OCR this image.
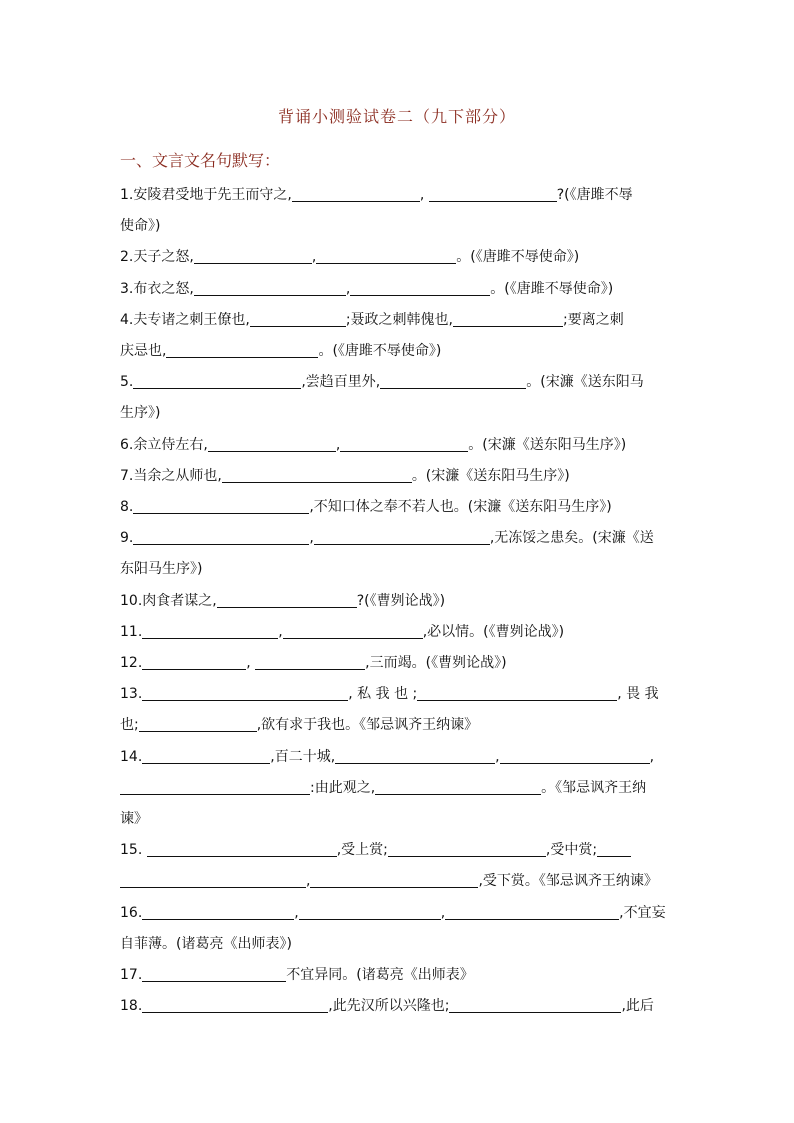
背诵小测验试卷二（九下部分）
一、文言文名句默写：

1.安陵君受地于先王而守之,	,	?(《唐雎不辱

使命》)

2.天子之怒,	,	。(《唐雎不辱使命》)

3.布衣之怒,	,	。(《唐雎不辱使命》)

4.夫专诸之刺王僚也,	;聂政之刺韩傀也,	;要离之刺

庆忌也,	。(《唐雎不辱使命》)

5.	,尝趋百里外,	。(宋濂《送东阳马

生序》)

6.余立侍左右,	,	。(宋濂《送东阳马生序》)

7.当余之从师也,	。(宋濂《送东阳马生序》)

8.	,不知口体之奉不若人也。(宋濂《送东阳马生序》)

9.	,	,无冻馁之患矣。(宋濂《送

东阳马生序》)

10.肉食者谋之,	?(《曹刿论战》)

11.	,	,必以情。(《曹刿论战》)

12.	,	,三而竭。(《曹刿论战》)

13.	, 私 我 也 ;	, 畏 我

也;	,欲有求于我也。《邹忌讽齐王纳谏》

14.	,百二十城,	,	,

:由此观之,	。《邹忌讽齐王纳

谏》

15.	,受上赏;	,受中赏;

,	,受下赏。《邹忌讽齐王纳谏》

16.	,	,	,不宜妄

自菲薄。(诸葛亮《出师表》)

17.	不宜异同。(诸葛亮《出师表》

18.	,此先汉所以兴隆也;	,此后
